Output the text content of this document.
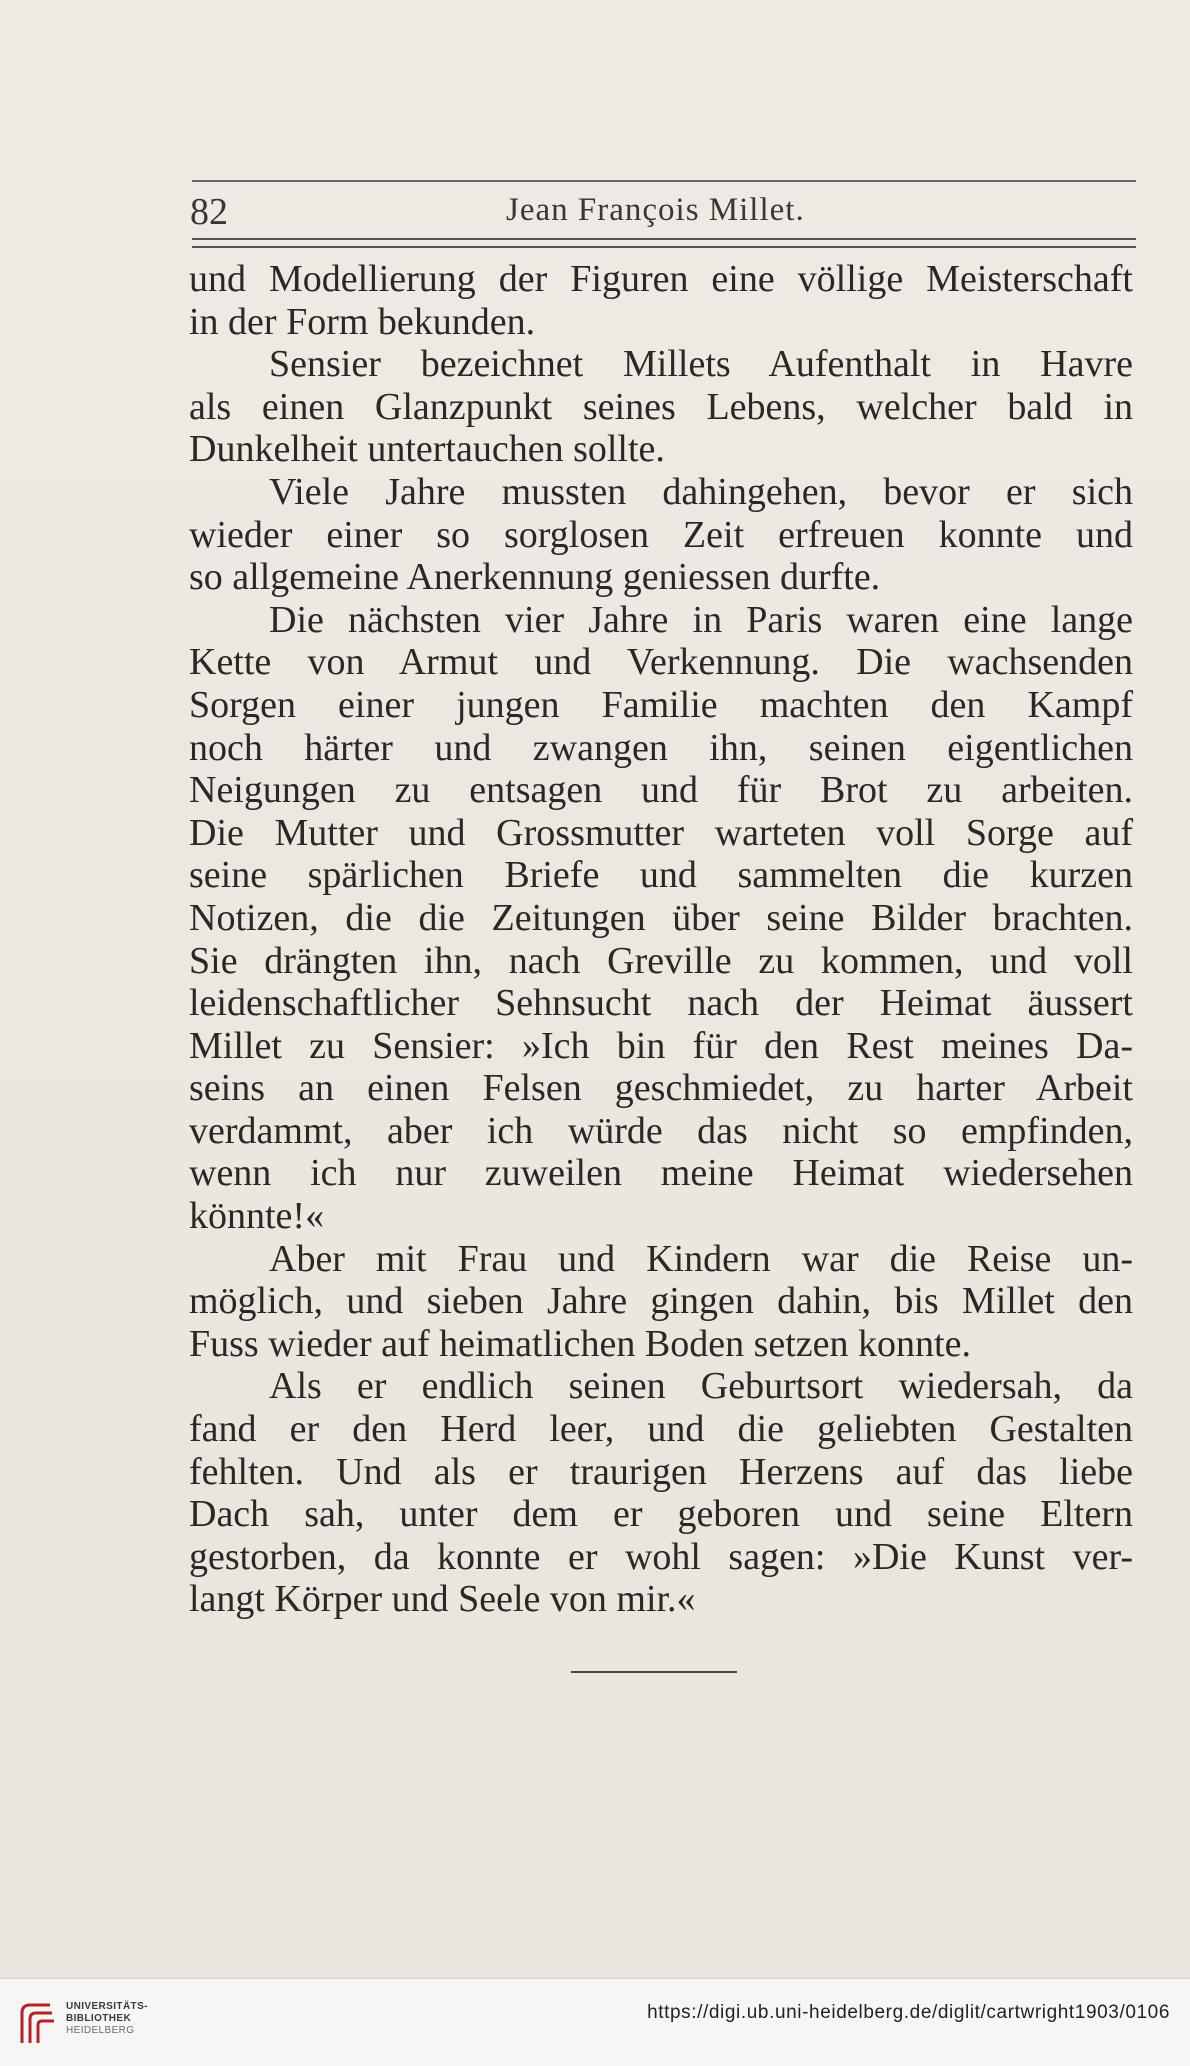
82	Jean François Millet.
und Modellierung der Figuren eine völlige Meisterschaft
in der Form bekunden.
Sensier bezeichnet Millets Aufenthalt in Havre
als einen Glanzpunkt seines Lebens, welcher bald in
Dunkelheit untertauchen sollte.
Viele Jahre mussten dahingehen, bevor er sich
wieder einer so sorglosen Zeit erfreuen konnte und
so allgemeine Anerkennung geniessen durfte.
Die nächsten vier Jahre in Paris waren eine lange
Kette von Armut und Verkennung. Die wachsenden
Sorgen einer jungen Familie machten den Kampf
noch härter und zwangen ihn, seinen eigentlichen
Neigungen zu entsagen und für Brot zu arbeiten.
Die Mutter und Grossmutter warteten voll Sorge auf
seine spärlichen Briefe und sammelten die kurzen
Notizen, die die Zeitungen über seine Bilder brachten.
Sie drängten ihn, nach Greville zu kommen, und voll
leidenschaftlicher Sehnsucht nach der Heimat äussert
Millet zu Sensier: »Ich bin für den Rest meines Da-
seins an einen Felsen geschmiedet, zu harter Arbeit
verdammt, aber ich würde das nicht so empfinden,
wenn ich nur zuweilen meine Heimat wiedersehen
könnte!«
Aber mit Frau und Kindern war die Reise un-
möglich, und sieben Jahre gingen dahin, bis Millet den
Fuss wieder auf heimatlichen Boden setzen konnte.
Als er endlich seinen Geburtsort wiedersah, da
fand er den Herd leer, und die geliebten Gestalten
fehlten. Und als er traurigen Herzens auf das liebe
Dach sah, unter dem er geboren und seine Eltern
gestorben, da konnte er wohl sagen: »Die Kunst ver-
langt Körper und Seele von mir.«
UNIVERSITÄTS-
BIBLIOTHEK
HEIDELBERG
https://digi.ub.uni-heidelberg.de/diglit/cartwright1903/0106
